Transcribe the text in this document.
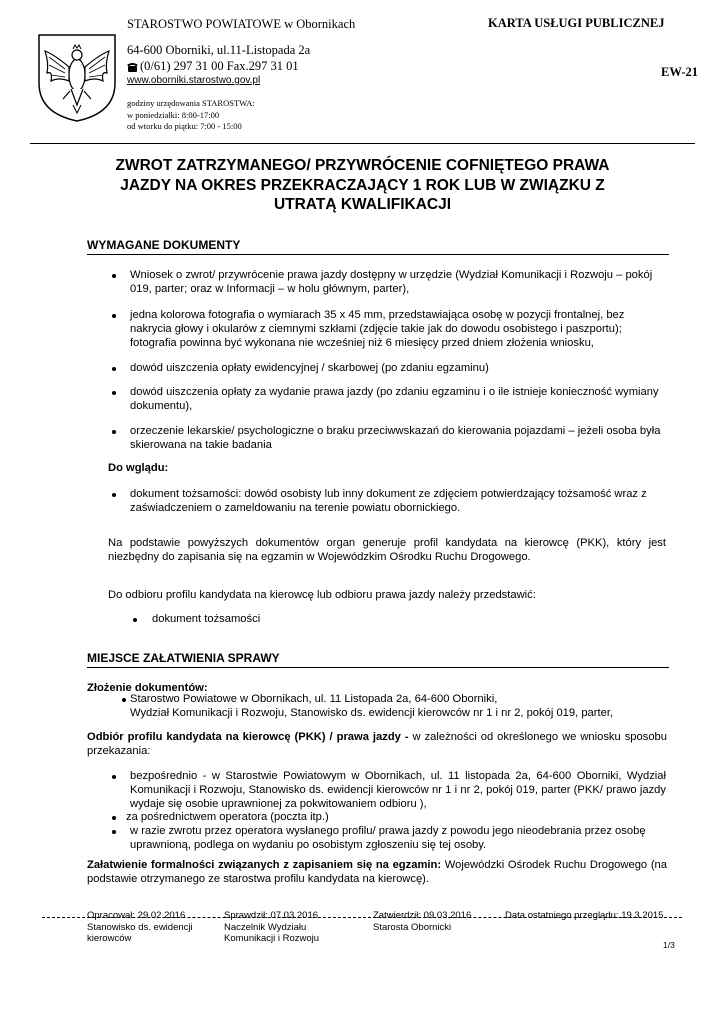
STAROSTWO POWIATOWE w Obornikach	KARTA USŁUGI PUBLICZNEJ
64-600 Oborniki, ul.11-Listopada 2a
(0/61) 297 31 00 Fax.297 31 01
www.oborniki.starostwo.gov.pl
EW-21
godziny urzędowania STAROSTWA:
w poniedziałki: 8:00-17:00
od wtorku do piątku: 7:00 - 15:00
ZWROT ZATRZYMANEGO/ PRZYWRÓCENIE COFNIĘTEGO PRAWA
JAZDY NA OKRES PRZEKRACZAJĄCY 1 ROK LUB W ZWIĄZKU Z
UTRATĄ KWALIFIKACJI
WYMAGANE DOKUMENTY
Wniosek o zwrot/ przywrócenie prawa jazdy dostępny w urzędzie (Wydział Komunikacji i Rozwoju – pokój 019, parter; oraz w Informacji – w holu głównym, parter),
jedna kolorowa fotografia o wymiarach 35 x 45 mm, przedstawiająca osobę w pozycji frontalnej, bez nakrycia głowy i okularów z ciemnymi szkłami (zdjęcie takie jak do dowodu osobistego i paszportu); fotografia powinna być wykonana nie wcześniej niż 6 miesięcy przed dniem złożenia wniosku,
dowód uiszczenia opłaty ewidencyjnej / skarbowej (po zdaniu egzaminu)
dowód uiszczenia opłaty za wydanie prawa jazdy (po zdaniu egzaminu i o ile istnieje konieczność wymiany dokumentu),
orzeczenie lekarskie/ psychologiczne o braku przeciwwskazań do kierowania pojazdami – jeżeli osoba była skierowana na takie badania
Do wglądu:
dokument tożsamości: dowód osobisty lub inny dokument ze zdjęciem potwierdzający tożsamość wraz z zaświadczeniem o zameldowaniu na terenie powiatu obornickiego.
Na podstawie powyższych dokumentów organ generuje profil kandydata na kierowcę (PKK), który jest niezbędny do zapisania się na egzamin w Wojewódzkim Ośrodku Ruchu Drogowego.
Do odbioru profilu kandydata na kierowcę lub odbioru prawa jazdy należy przedstawić:
dokument tożsamości
MIEJSCE ZAŁATWIENIA SPRAWY
Złożenie dokumentów:
Starostwo Powiatowe w Obornikach, ul. 11 Listopada 2a, 64-600 Oborniki,
Wydział Komunikacji i Rozwoju, Stanowisko ds. ewidencji kierowców nr 1 i nr 2, pokój 019, parter,
Odbiór profilu kandydata na kierowcę (PKK) / prawa jazdy - w zależności od określonego we wniosku sposobu przekazania:
bezpośrednio - w Starostwie Powiatowym w Obornikach, ul. 11 listopada 2a, 64-600 Oborniki, Wydział Komunikacji i Rozwoju, Stanowisko ds. ewidencji kierowców nr 1 i nr 2, pokój 019, parter (PKK/ prawo jazdy wydaje się osobie uprawnionej za pokwitowaniem odbioru ),
za pośrednictwem operatora (poczta itp.)
w razie zwrotu przez operatora wysłanego profilu/ prawa jazdy z powodu jego nieodebrania przez osobę uprawnioną, podlega on wydaniu po osobistym zgłoszeniu się tej osoby.
Załatwienie formalności związanych z zapisaniem się na egzamin: Wojewódzki Ośrodek Ruchu Drogowego (na podstawie otrzymanego ze starostwa profilu kandydata na kierowcę).
Opracował: 29.02.2016
Stanowisko ds. ewidencji
kierowców
Sprawdził: 07.03.2016
Naczelnik Wydziału
Komunikacji i Rozwoju
Zatwierdził: 09.03.2016
Starosta Obornicki
Data ostatniego przeglądu: 19.3.2015
1/3
